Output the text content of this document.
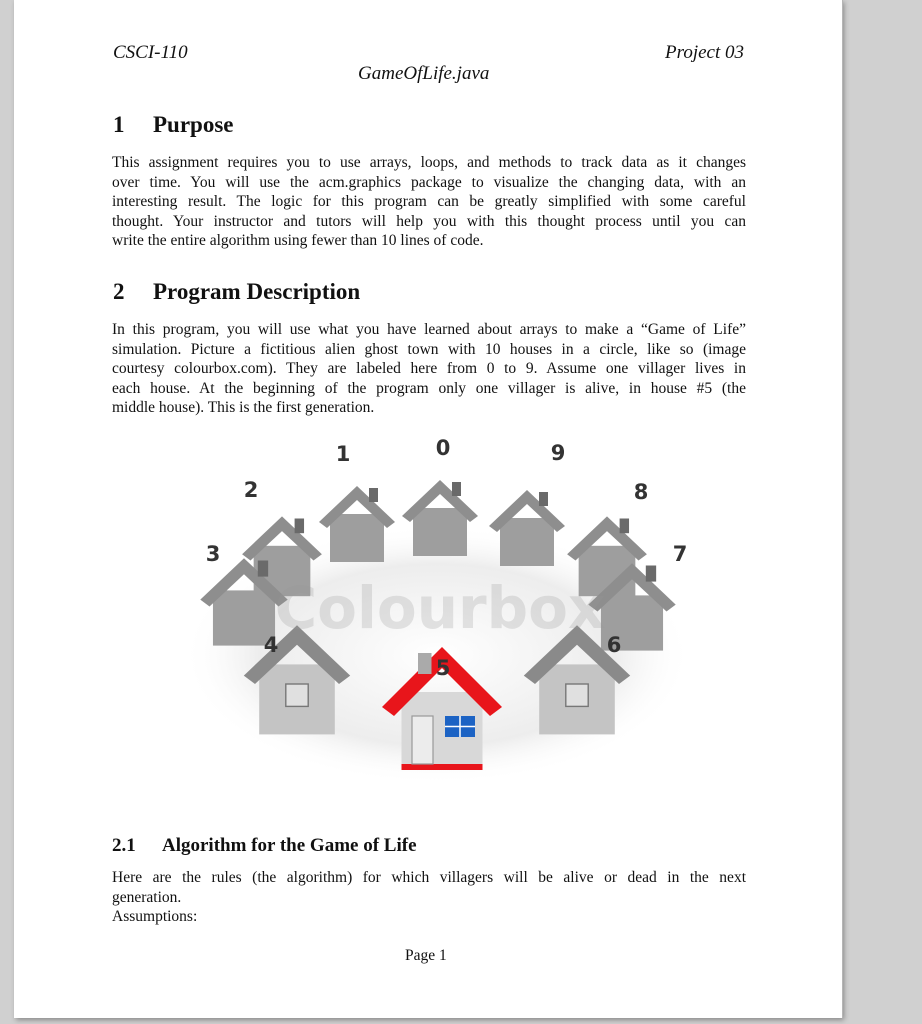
CSCI-110	Project 03
GameOfLife.java
1 Purpose
This assignment requires you to use arrays, loops, and methods to track data as it changes
over time. You will use the acm.graphics package to visualize the changing data, with an
interesting result. The logic for this program can be greatly simplified with some careful
thought. Your instructor and tutors will help you with this thought process until you can
write the entire algorithm using fewer than 10 lines of code.
2 Program Description
In this program, you will use what you have learned about arrays to make a “Game of Life”
simulation. Picture a fictitious alien ghost town with 10 houses in a circle, like so (image
courtesy colourbox.com). They are labeled here from 0 to 9. Assume one villager lives in
each house. At the beginning of the program only one villager is alive, in house #5 (the
middle house). This is the first generation.
Colourbox
0
1
2
3
4
5
6
7
8
9
2.1 Algorithm for the Game of Life
Here are the rules (the algorithm) for which villagers will be alive or dead in the next
generation.
Assumptions:
Page 1
